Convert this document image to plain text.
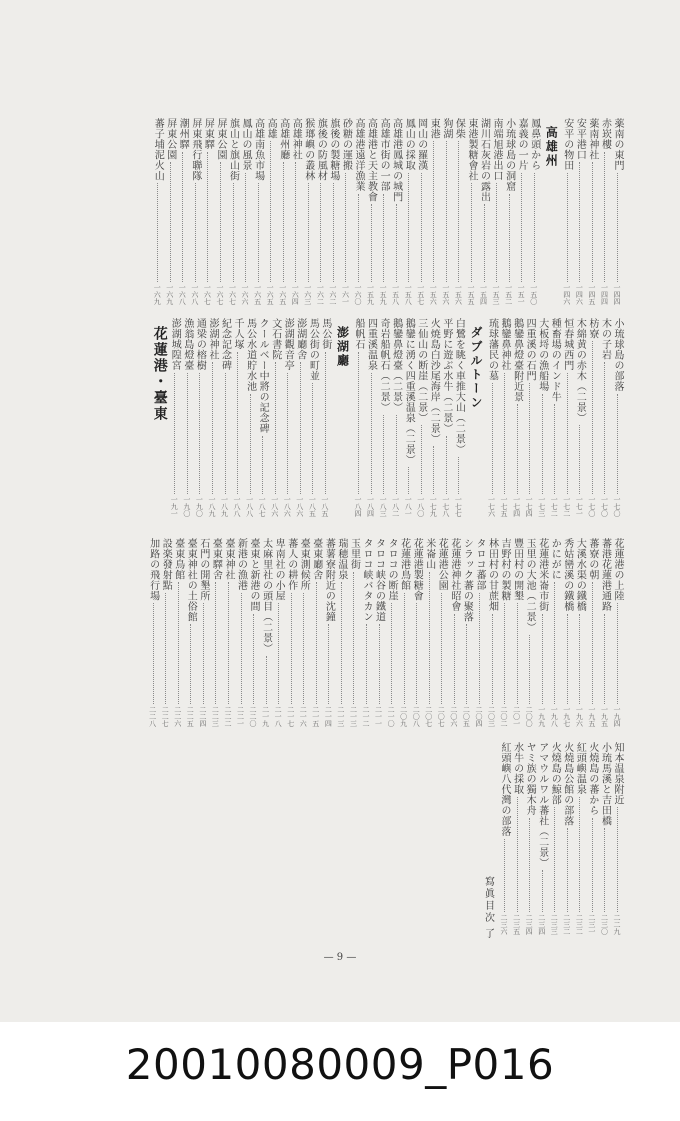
薬南の東門
一四四
赤崁樓
一四四
薬南神社
一四五
安平港口
一四六
安平の物田
一四六
高雄州
鳳鼻頭から
一五〇
嘉義の一片
一五一
小琉球島の洞窟
一五二
南端旭港出口
一五三
湖川石灰岩の露出
一五四
東港製糖會社
一五五
保柴
一五六
狗湖
一五六
東港
一五六
岡山の羅漢
一五七
鳳山の採取
一五八
高雄港鳳城の城門
一五八
高雄市街の一部
一五九
高雄港と天主教會
一五九
高雄港遠洋漁業
一六〇
砂糖の運搬
一六一
旗後の製糖場
一六二
旗後の防風材
一六二
猴瑯嶼の叢林
一六三
高雄神社
一六四
高雄州廳
一六五
高雄
一六五
高雄南魚市場
一六五
鳳山の風景
一六六
旗山と旗山街
一六七
屏東公園
一六七
屏東驛
一六七
屏東飛行聯隊
一六八
潮州驛
一六八
屏東公園
一六九
蕃子埔泥火山
一六九
小琉球島の部落
一七〇
木の子岩
一七〇
枋寮
一七〇
木綿黄の赤木（二景）
一七一
恒春城西門
一七二
種畜場のインド牛
一七二
大板埒の漁船場
一七三
四重溪の石門
一七四
鵝鑾鼻燈臺附近景
一七四
鵝鑾鼻神社
一七五
琉球藩民の墓
一七六
ダブルトーン
白鷺を眺く車推大山（二景）
一七七
平野に遊ぶ水牛（二景）
一七八
火焼島白沙尾海岸（二景）
一七九
三仙山の断崖（二景）
一八〇
鵝鑾に湧く四重溪温泉（二景）
一八一
鵝鑾鼻燈臺（二景）
一八二
奇岩船帆石（二景）
一八三
四重溪温泉
一八四
船帆石
一八四
澎湖廳
馬公街
一八五
馬公街の町並
一八五
澎湖廳舍
一八六
澎湖觀音亭
一八六
文石書院
一八六
クールベー中將の記念碑
一八七
馬公水道貯水池
一八八
千人塚
一八八
紀念記念碑
一八九
澎湖神社
一八九
通梁の榕樹
一九〇
漁翁島燈臺
一九〇
澎湖城隍宮
一九一
花蓮港・臺東
花蓮港の上陸
一九四
蕃港花蓮港通路
一九五
蕃寮の朝
一九五
大溪水渠の鐵橋
一九六
秀姑巒溪の鐵橋
一九七
かにがに
一九八
花蓮港米崙市街
一九九
玉里の大池（二景）
二〇〇
豐田村の開墾
二〇一
吉野村の製糖
二〇二
林田村の甘蔗畑
二〇三
タロコ蕃部
二〇四
シラック蕃の聚落
二〇五
花蓮港神社昭會
二〇六
花蓮港公園
二〇七
米崙山
二〇七
花蓮港製糖會
二〇八
花蓮港鳥館
二〇九
タロコの断崖
二一〇
タロコ峡谷の鐵道
二一一
タロコ峡バタカン
二一二
玉里街
二一三
瑞穂温泉
二一三
蕃薯寮附近の沈鐘
二一四
臺東廳舍
二一五
臺東測候所
二一六
蕃人の耕作
二一七
卑南社の小屋
二一八
太麻里社の頭目（二景）
二一九
臺東と新港の間
二二〇
新港の漁港
二二一
臺東神社
二二二
臺東驛舍
二二三
石門の開墾所
二二四
臺東神社の土俗館
二二五
臺東鳥館
二二六
設楽發射點
二二七
加路の飛行場
二二八
知本温泉附近
二二九
小琉馬溪と吉田橋
二三〇
火燒島の蕃から
二三一
紅頭嶼温泉
二三二
火燒島公館の部落
二三二
火燒島の鯨部
二三三
アマウルワル蕃社（二景）
二三四
ヤミ族の獨木舟
二三四
水牛の採取
二三五
紅頭嶼八代灣の部落
二三六
寫眞目次
了
— 9 —
20010080009_P016
